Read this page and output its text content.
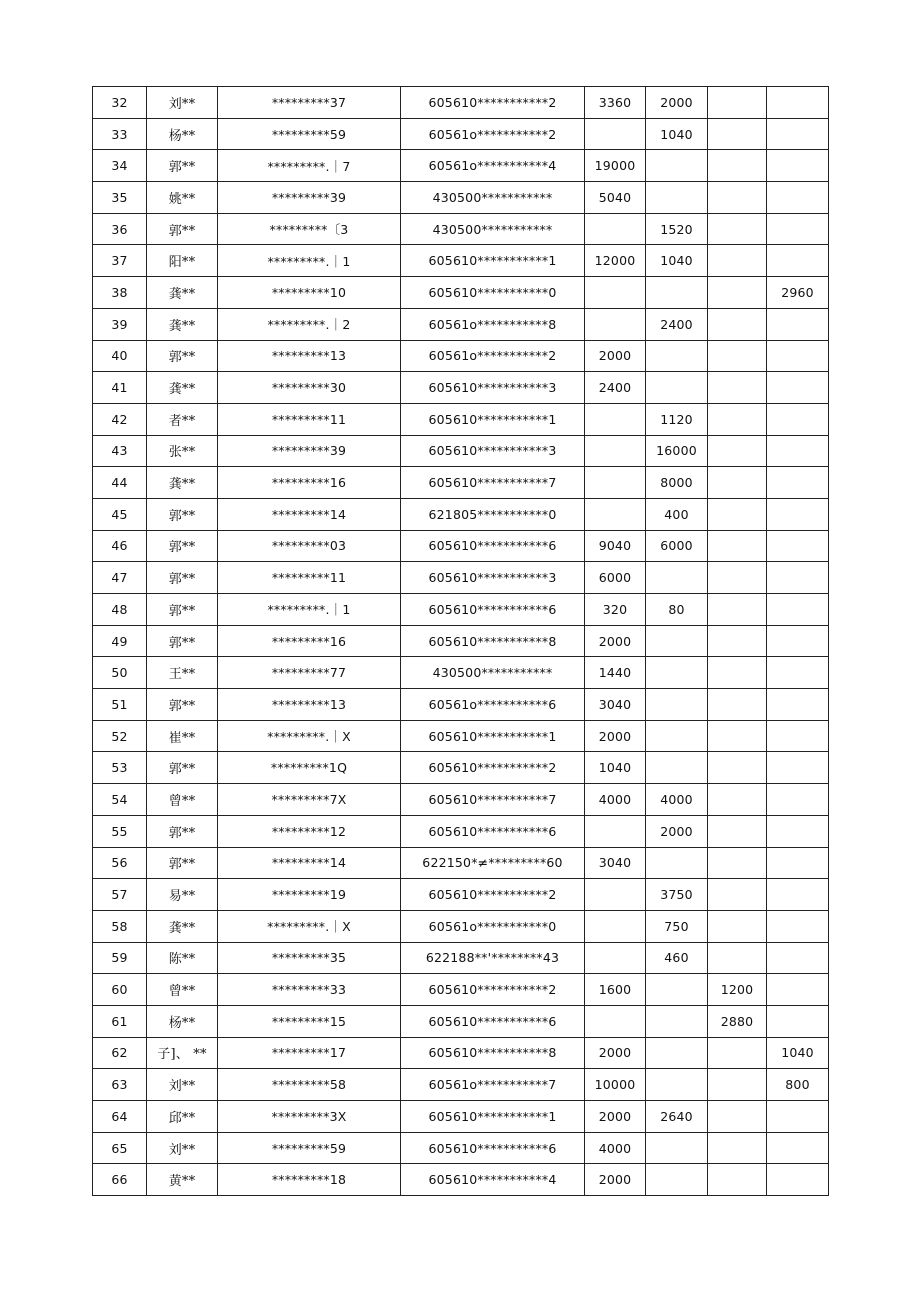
32	刘**	*********37	605610***********2	3360	2000		
33	杨**	*********59	60561o***********2		1040		
34	郭**	*********.｜7	60561o***********4	19000			
35	姚**	*********39	430500***********	5040			
36	郭**	*********〔3	430500***********		1520		
37	阳**	*********.｜1	605610***********1	12000	1040		
38	龚**	*********10	605610***********0				2960
39	龚**	*********.｜2	60561o***********8		2400		
40	郭**	*********13	60561o***********2	2000			
41	龚**	*********30	605610***********3	2400			
42	者**	*********11	605610***********1		1120		
43	张**	*********39	605610***********3		16000		
44	龚**	*********16	605610***********7		8000		
45	郭**	*********14	621805***********0		400		
46	郭**	*********03	605610***********6	9040	6000		
47	郭**	*********11	605610***********3	6000			
48	郭**	*********.｜1	605610***********6	320	80		
49	郭**	*********16	605610***********8	2000			
50	王**	*********77	430500***********	1440			
51	郭**	*********13	60561o***********6	3040			
52	崔**	*********.｜X	605610***********1	2000			
53	郭**	*********1Q	605610***********2	1040			
54	曾**	*********7X	605610***********7	4000	4000		
55	郭**	*********12	605610***********6		2000		
56	郭**	*********14	622150*≠*********60	3040			
57	易**	*********19	605610***********2		3750		
58	龚**	*********.｜X	60561o***********0		750		
59	陈**	*********35	622188**'********43		460		
60	曾**	*********33	605610***********2	1600		1200	
61	杨**	*********15	605610***********6			2880	
62	子]、 **	*********17	605610***********8	2000			1040
63	刘**	*********58	60561o***********7	10000			800
64	邱**	*********3X	605610***********1	2000	2640		
65	刘**	*********59	605610***********6	4000			
66	黄**	*********18	605610***********4	2000			
